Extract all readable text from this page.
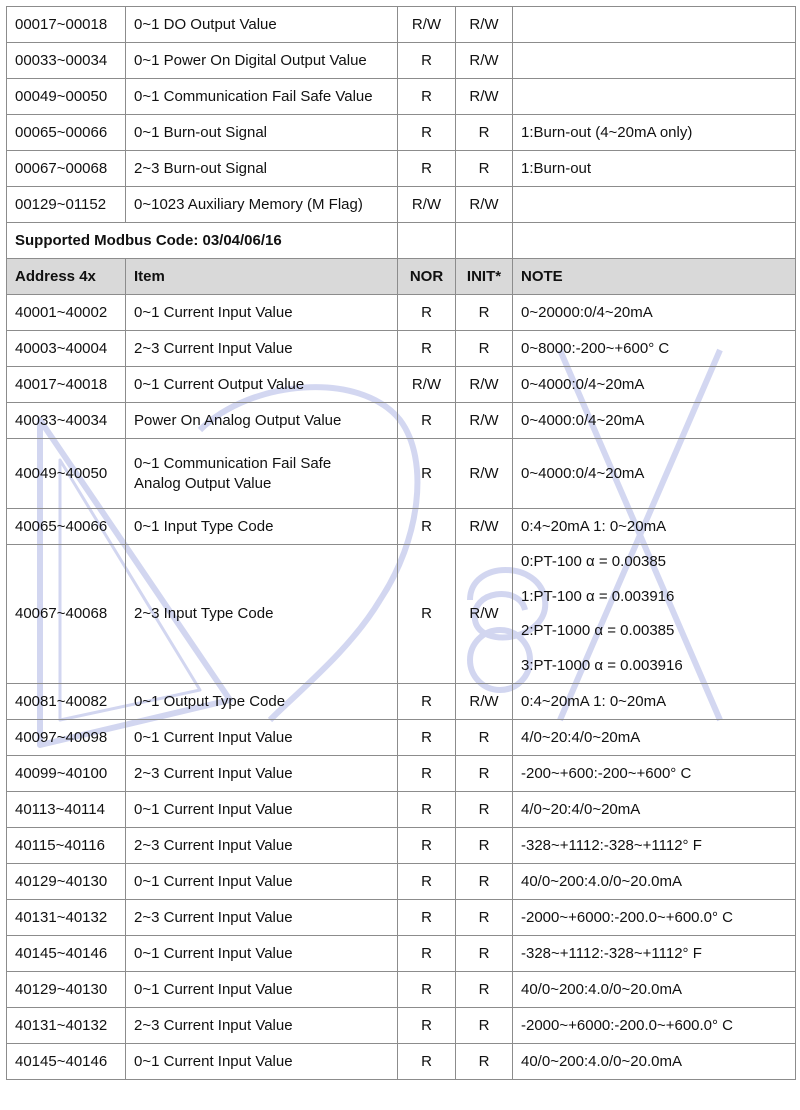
00017~00018	0~1 DO Output Value	R/W	R/W	
00033~00034	0~1 Power On Digital Output Value	R	R/W	
00049~00050	0~1 Communication Fail Safe Value	R	R/W	
00065~00066	0~1 Burn-out Signal	R	R	1:Burn-out (4~20mA only)
00067~00068	2~3 Burn-out Signal	R	R	1:Burn-out
00129~01152	0~1023 Auxiliary Memory (M Flag)	R/W	R/W	
Supported Modbus Code: 03/04/06/16				
Address 4x	Item	NOR	INIT*	NOTE
40001~40002	0~1 Current Input Value	R	R	0~20000:0/4~20mA
40003~40004	2~3 Current Input Value	R	R	0~8000:-200~+600° C
40017~40018	0~1 Current Output Value	R/W	R/W	0~4000:0/4~20mA
40033~40034	Power On Analog Output Value	R	R/W	0~4000:0/4~20mA
40049~40050	0~1 Communication Fail Safe
Analog Output Value	R	R/W	0~4000:0/4~20mA
40065~40066	0~1 Input Type Code	R	R/W	0:4~20mA 1: 0~20mA
40067~40068	2~3 Input Type Code	R	R/W	0:PT-100 α = 0.00385
1:PT-100 α = 0.003916
2:PT-1000 α = 0.00385
3:PT-1000 α = 0.003916

40081~40082	0~1 Output Type Code	R	R/W	0:4~20mA 1: 0~20mA
40097~40098	0~1 Current Input Value	R	R	4/0~20:4/0~20mA
40099~40100	2~3 Current Input Value	R	R	-200~+600:-200~+600° C
40113~40114	0~1 Current Input Value	R	R	4/0~20:4/0~20mA
40115~40116	2~3 Current Input Value	R	R	-328~+1112:-328~+1112° F
40129~40130	0~1 Current Input Value	R	R	40/0~200:4.0/0~20.0mA
40131~40132	2~3 Current Input Value	R	R	-2000~+6000:-200.0~+600.0° C
40145~40146	0~1 Current Input Value	R	R	-328~+1112:-328~+1112° F
40129~40130	0~1 Current Input Value	R	R	40/0~200:4.0/0~20.0mA
40131~40132	2~3 Current Input Value	R	R	-2000~+6000:-200.0~+600.0° C
40145~40146	0~1 Current Input Value	R	R	40/0~200:4.0/0~20.0mA
